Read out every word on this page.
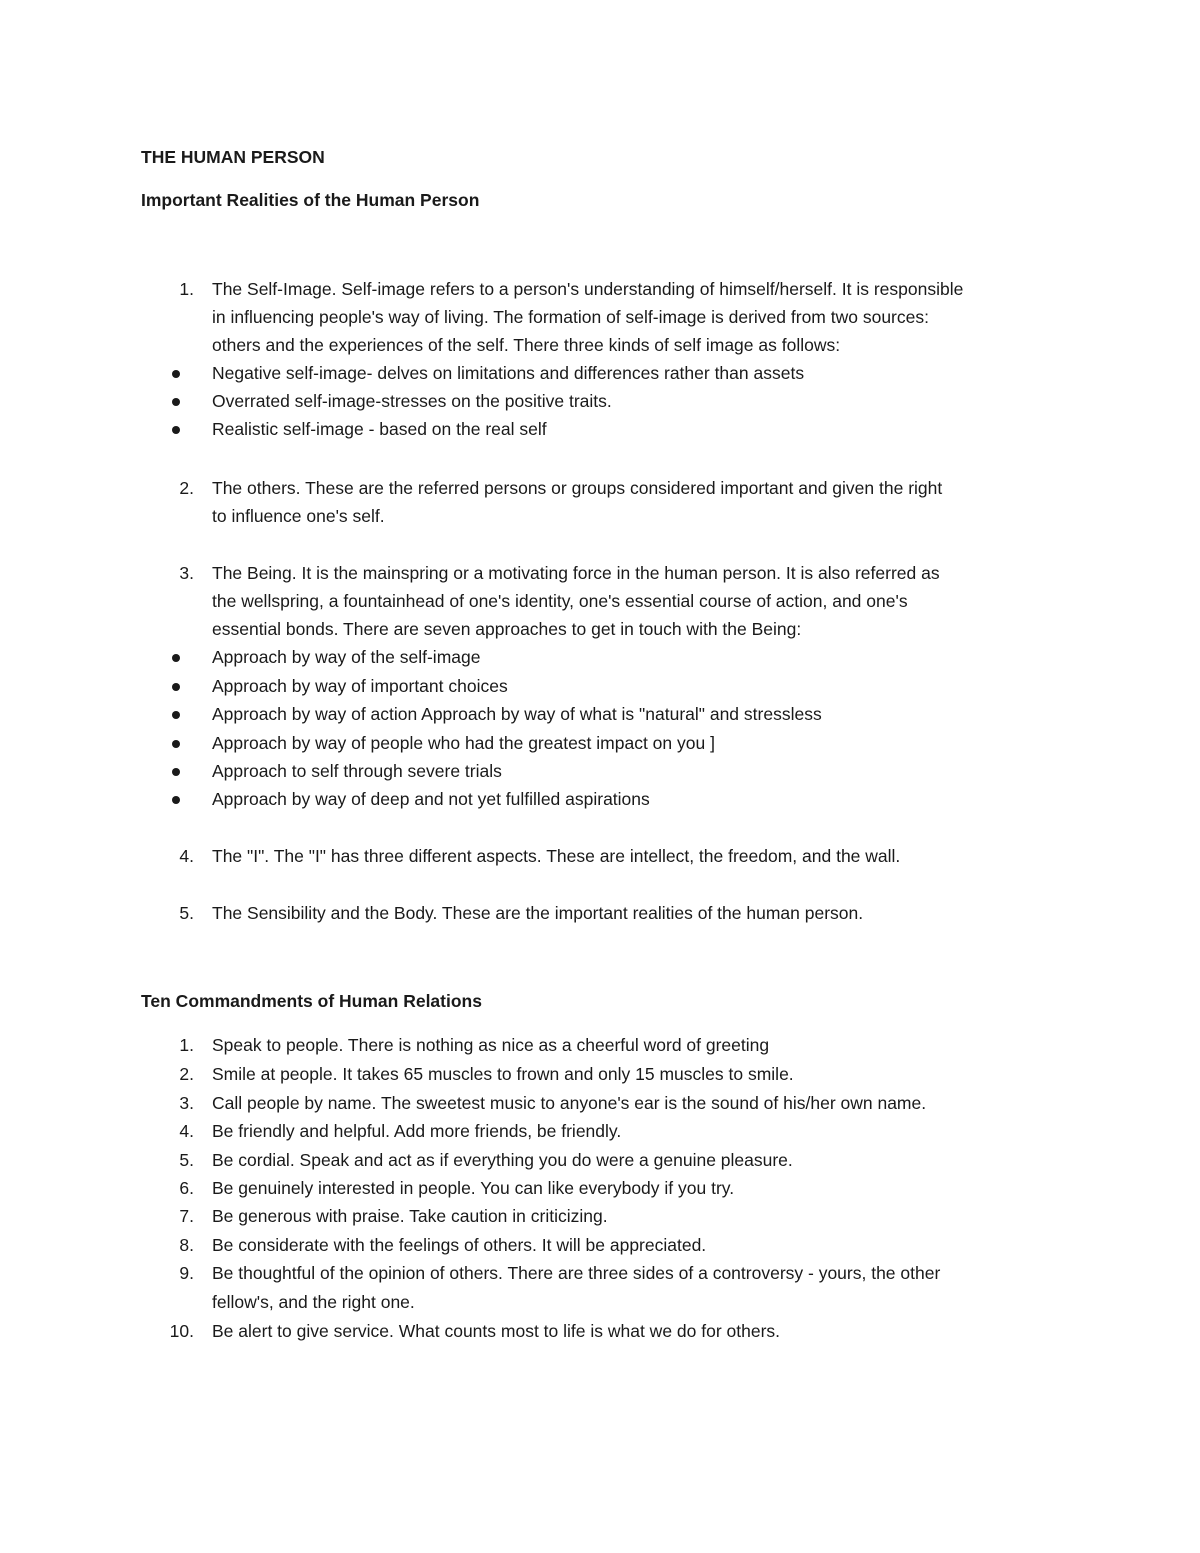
THE HUMAN PERSON
Important Realities of the Human Person
1. The Self-Image. Self-image refers to a person's understanding of himself/herself. It is responsible
in influencing people's way of living. The formation of self-image is derived from two sources:
others and the experiences of the self. There three kinds of self image as follows:
Negative self-image- delves on limitations and differences rather than assets
Overrated self-image-stresses on the positive traits.
Realistic self-image - based on the real self
2. The others. These are the referred persons or groups considered important and given the right
to influence one's self.
3. The Being. It is the mainspring or a motivating force in the human person. It is also referred as
the wellspring, a fountainhead of one's identity, one's essential course of action, and one's
essential bonds. There are seven approaches to get in touch with the Being:
Approach by way of the self-image
Approach by way of important choices
Approach by way of action Approach by way of what is "natural" and stressless
Approach by way of people who had the greatest impact on you ]
Approach to self through severe trials
Approach by way of deep and not yet fulfilled aspirations
4. The "I". The "I" has three different aspects. These are intellect, the freedom, and the wall.
5. The Sensibility and the Body. These are the important realities of the human person.
Ten Commandments of Human Relations
1. Speak to people. There is nothing as nice as a cheerful word of greeting
2. Smile at people. It takes 65 muscles to frown and only 15 muscles to smile.
3. Call people by name. The sweetest music to anyone's ear is the sound of his/her own name.
4. Be friendly and helpful. Add more friends, be friendly.
5. Be cordial. Speak and act as if everything you do were a genuine pleasure.
6. Be genuinely interested in people. You can like everybody if you try.
7. Be generous with praise. Take caution in criticizing.
8. Be considerate with the feelings of others. It will be appreciated.
9. Be thoughtful of the opinion of others. There are three sides of a controversy - yours, the other
fellow's, and the right one.
10. Be alert to give service. What counts most to life is what we do for others.
